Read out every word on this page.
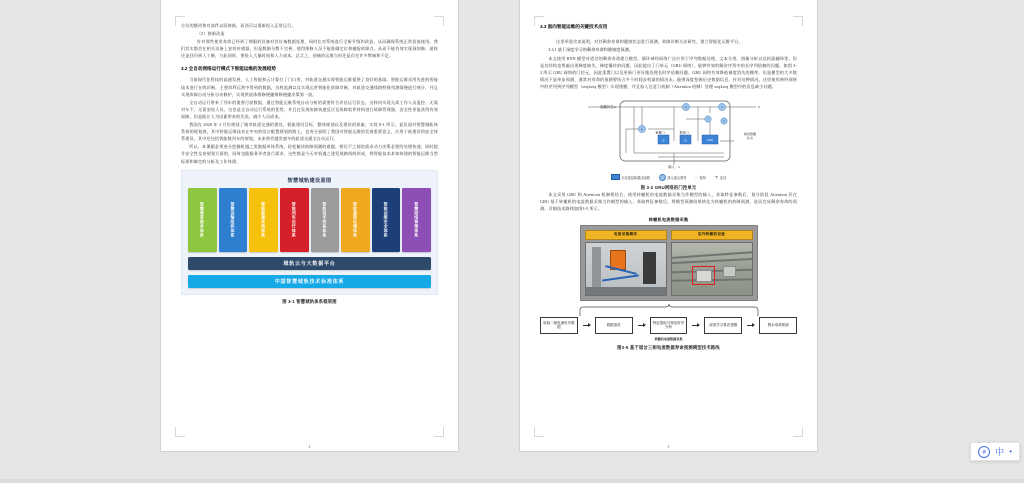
方位的整改和对部件以旧换新，而西可以重新投入正常运行。

（5）换新改造

针对那些使用寿命已经到了期限的设备对其设备数据处理，同时在对系统进行全新升级和改造，从而确保系统正常投放使用。我们其实都会在相关设备上安装传感器，但是数据分散不完善，使得维修人员不能准确定位和捕捉故障点，从而不能有效实现预知修，最终还是回归到人工修，与此同时，要投入大量时间和人力成本。总言之，创痛的运维当时还是存在许多弊端和不足。

3.2 全自动网络运行模式下智能运维的发展趋势

当前现代化科技的高速发展，人工智能和云计算打了门口用，对轨道交通实现智能运维提供了良好的基础。智能运维采用先进的智能技术进行在线诊断，主要尚利运营中得到的数据，这样监测以及实现运营智能化故障诊断，对轨道交通线路特殊列激情便进行统计，并且实现故障自动分析自动修护，实现供流体维修便捷维修便捷决策第一流。

全自动运行带来了列车的重要行驶数据，通过智能运维系统自动分析的需要符合评估运行状态，这样何实现无需工作人员监控、无需对车不、无需安检人员，这也是全自动运行系统的优势，并且在发现故障快速反应及故障软件材料进行故障管理器，安全性更能获得有效保障，但是能让人为因素带来的失误，减少人员成本。

我国在 2020 年 3 月份规划了城市轨道交通的建设，低能建设目标，整体规划以及建设的探索，实现 8-1 所示，显负面对智慧城轨体系着的规划展，其中智能运维技术在中央的综合配置规划的路上，也充分说明了我国对智能运维的发展重要意义，应用于低建设的安全体系建设。其中还包括智能数列车的规划，未来将会越发感多的轨道交通全自动运行。

所以，本课题必须充分挖掘机遇之类数据举体系统，轻松解决故障预测的难题，相比不之间的需求动力决策必要的处理快速，同时提升安全性及充规划方面的，同时也能服务更者进行需求，这些都是今天对机遇之建发展路线线形成，将智能技术本知体建的智能运维当然标准和制定的分析及工作体建。

智慧城轨建设蓝图
智慧乘客服务体系	智慧运输组织体系	智能能源系统体系	智能列车运行体系	智能技术装备体系	智能基础设施体系	智能运维安全体系	智慧网络管理体系
城轨云与大数据平台
中国智慧城轨技术标准体系
图 3-1 智慧城轨体系框架图
4
3.3 面向智能运维的关键技术应用

这里举道岔来说明，对其剩余寿命和健康状态进行预测，故障诊断方法研究，建立智能化运维平台。

3.3.1 基于深度学习的剩余寿命和健康度预测。

本文使用 RNN 模型对道岔的剩余寿命建立模型，循环神经网络广泛应用于序列数据处理，文本分类、图像分析以及机器翻译等。但是其结构也普遍出现梯度缺失、梯度爆炸的问题，因此提出了门单元（GRU 网络），能够有效的解决序列中的长序列依赖的问题。如图 3-2 所示 GRU 网络的门控元，因此重置门以及更新门更好地处理长时序依赖问题。GRU 网络有效降低梯度消失的概率，但是模型的大多数情况下是单步预测，通常对寿命的预测要结合多个时间步机器的情况未。能够深度挖掘历史数据信息，针对这种情况，这里使用神经网络中的序列到序列模型（seq2seq 模型）实现建模，并且加入注意力机制（Attention 机制）处理 seq2seq 模型中的信息缺少问题。

σ	σ	tanh
×
×	+
−	×
隐藏状态 h	h
输入：x
重置门	更新门	候选隐藏
状态
全连接层和激活函数	按元素运算符 ⌐ 复制 ⊤ 连结
图 3-2 GRU网络的门控单元

本文采用 GRU 和 Attention 机制相结合，使用转辙机的电流数据采集当作模型的输入，获取特征参数后，划分阶段 Attention 层在 GRU 基于转辙机的电流数据采集当作模型的输入，获取特征参数后，将模型预测结果转化为转辙机的故障预测。进而完成剩余寿命的预测。详细技术路线如图3-5 所示。

转辙机电流数据采集
电流采集模块	室外转辙机设备
原始二相电流时序数据
数据清洗
特征提取与特征时序分析
深度学习算法建模	剩余寿命预测
转辙机电流数据采集
图3-5 基于道岔三相电流数据寿命预测模型技术路线
5
拼	中 •
